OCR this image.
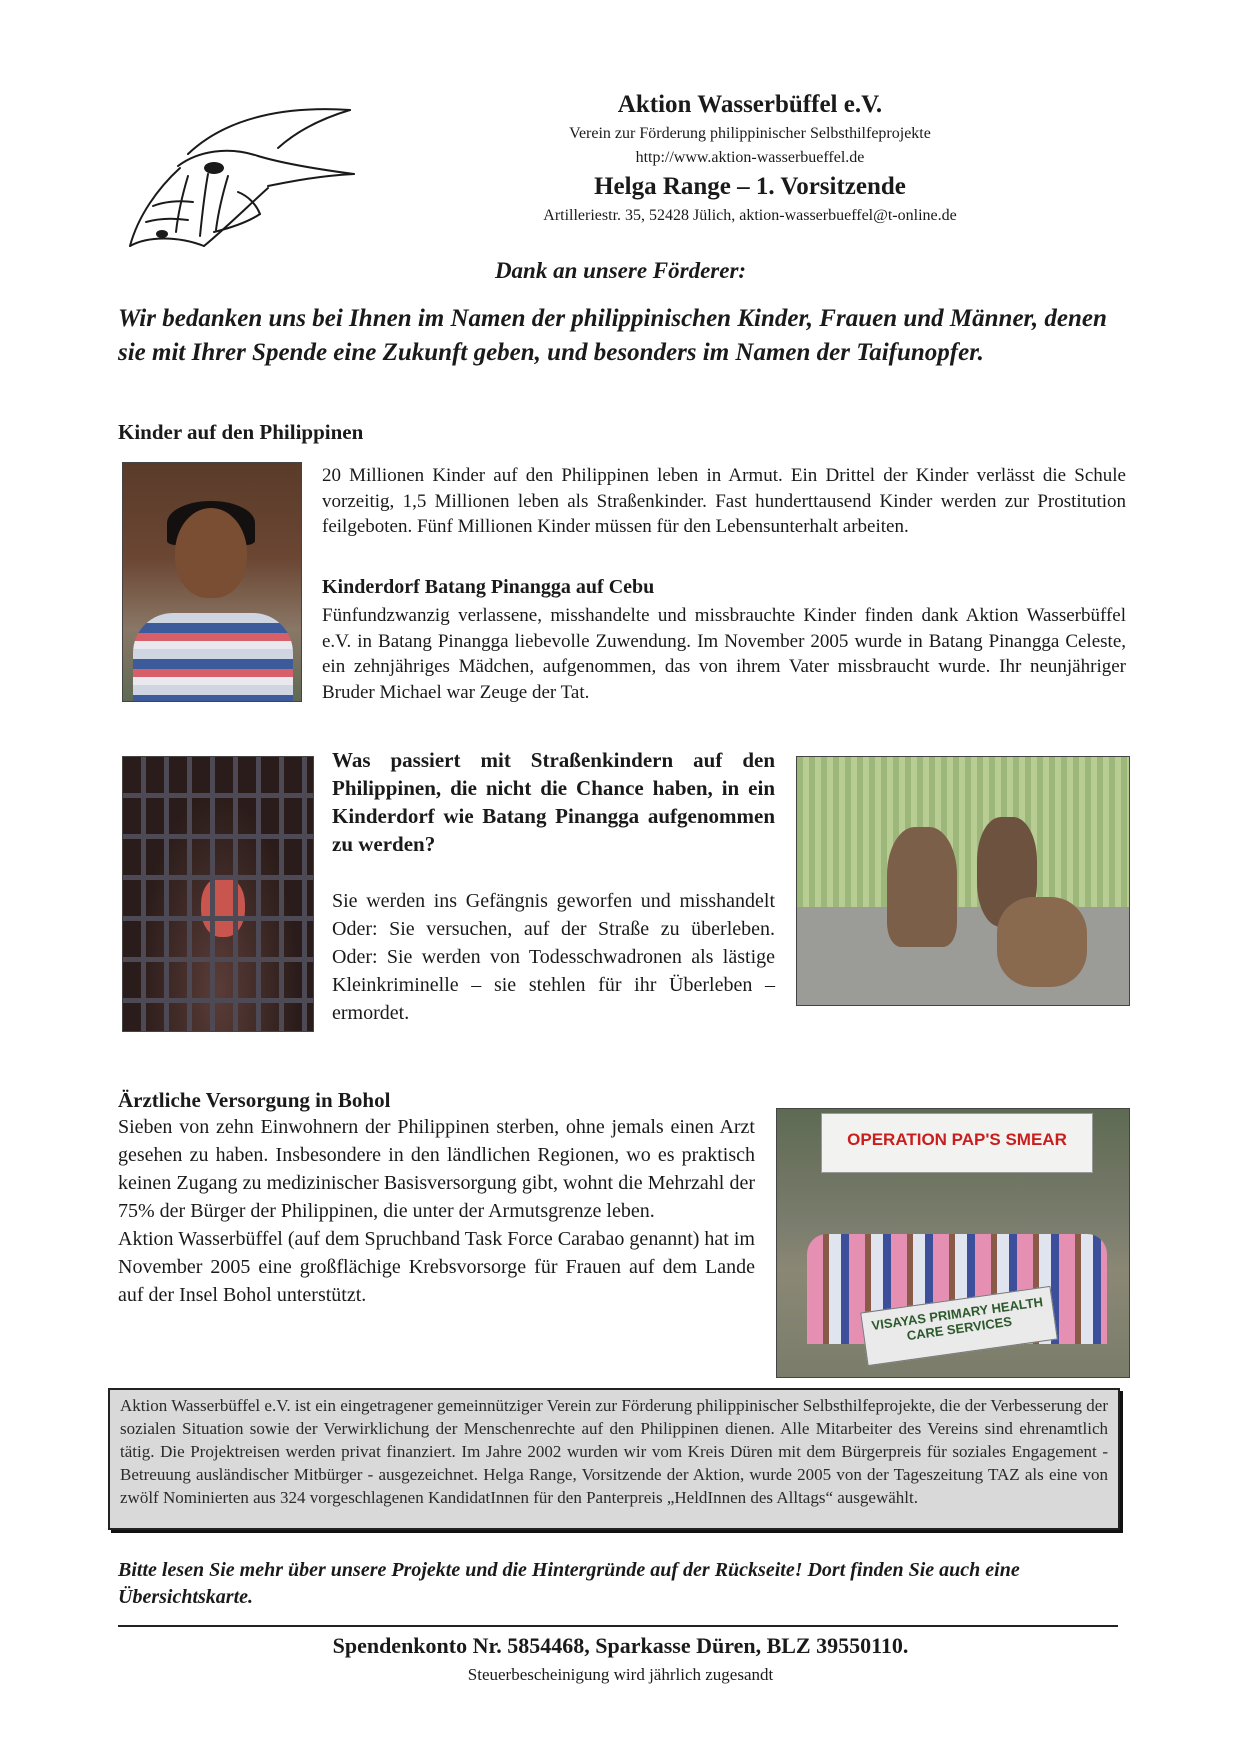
Aktion Wasserbüffel e.V.
Verein zur Förderung philippinischer Selbsthilfeprojekte
http://www.aktion-wasserbueffel.de
Helga Range – 1. Vorsitzende
Artilleriestr. 35, 52428 Jülich, aktion-wasserbueffel@t-online.de
Dank an unsere Förderer:
Wir bedanken uns bei Ihnen im Namen der philippinischen Kinder, Frauen und Männer, denen sie mit Ihrer Spende eine Zukunft geben, und besonders im Namen der Taifunopfer.
Kinder auf den Philippinen
20 Millionen Kinder auf den Philippinen leben in Armut. Ein Drittel der Kinder verlässt die Schule vorzeitig, 1,5 Millionen leben als Straßenkinder. Fast hunderttausend Kinder werden zur Prostitution feilgeboten. Fünf Millionen Kinder müssen für den Lebensunterhalt arbeiten.
Kinderdorf Batang Pinangga auf Cebu
Fünfundzwanzig verlassene, misshandelte und missbrauchte Kinder finden dank Aktion Wasserbüffel e.V. in Batang Pinangga liebevolle Zuwendung. Im November 2005 wurde in Batang Pinangga Celeste, ein zehnjähriges Mädchen, aufgenommen, das von ihrem Vater missbraucht wurde. Ihr neunjähriger Bruder Michael war Zeuge der Tat.
Was passiert mit Straßenkindern auf den Philippinen, die nicht die Chance haben, in ein Kinderdorf wie Batang Pinangga aufgenommen zu werden?
Sie werden ins Gefängnis geworfen und misshandelt Oder: Sie versuchen, auf der Straße zu überleben. Oder: Sie werden von Todesschwadronen als lästige Kleinkriminelle – sie stehlen für ihr Überleben – ermordet.
Ärztliche Versorgung in Bohol
Sieben von zehn Einwohnern der Philippinen sterben, ohne jemals einen Arzt gesehen zu haben. Insbesondere in den ländlichen Regionen, wo es praktisch keinen Zugang zu medizinischer Basisversorgung gibt, wohnt die Mehrzahl der 75% der Bürger der Philippinen, die unter der Armutsgrenze leben.
Aktion Wasserbüffel (auf dem Spruchband Task Force Carabao genannt) hat im November 2005 eine großflächige Krebsvorsorge für Frauen auf dem Lande auf der Insel Bohol unterstützt.
OPERATION PAP'S SMEAR
VISAYAS PRIMARY HEALTH CARE SERVICES
Aktion Wasserbüffel e.V. ist ein eingetragener gemeinnütziger Verein zur Förderung philippinischer Selbsthilfeprojekte, die der Verbesserung der sozialen Situation sowie der Verwirklichung der Menschenrechte auf den Philippinen dienen. Alle Mitarbeiter des Vereins sind ehrenamtlich tätig. Die Projektreisen werden privat finanziert. Im Jahre 2002 wurden wir vom Kreis Düren mit dem Bürgerpreis für soziales Engagement - Betreuung ausländischer Mitbürger - ausgezeichnet. Helga Range, Vorsitzende der Aktion, wurde 2005 von der Tageszeitung TAZ als eine von zwölf Nominierten aus 324 vorgeschlagenen KandidatInnen für den Panterpreis „HeldInnen des Alltags“ ausgewählt.
Bitte lesen Sie mehr über unsere Projekte und die Hintergründe auf der Rückseite! Dort finden Sie auch eine Übersichtskarte.
Spendenkonto Nr. 5854468, Sparkasse Düren, BLZ 39550110.
Steuerbescheinigung wird jährlich zugesandt
